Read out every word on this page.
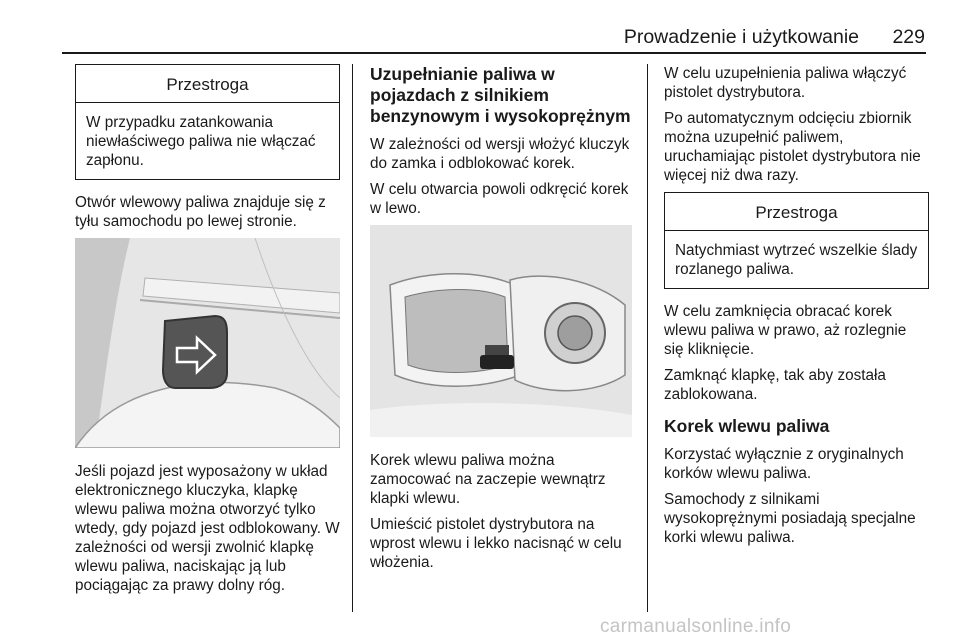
Prowadzenie i użytkowanie 229
Przestroga
W przypadku zatankowania niewłaściwego paliwa nie włączać zapłonu.

Otwór wlewowy paliwa znajduje się z tyłu samochodu po lewej stronie.

Jeśli pojazd jest wyposażony w układ elektronicznego kluczyka, klapkę wlewu paliwa można otworzyć tylko wtedy, gdy pojazd jest odblokowany. W zależności od wersji zwolnić klapkę wlewu paliwa, naciskając ją lub pociągając za prawy dolny róg.

Uzupełnianie paliwa w pojazdach z silnikiem benzynowym i wysokoprężnym

W zależności od wersji włożyć kluczyk do zamka i odblokować korek.

W celu otwarcia powoli odkręcić korek w lewo.

Korek wlewu paliwa można zamocować na zaczepie wewnątrz klapki wlewu.

Umieścić pistolet dystrybutora na wprost wlewu i lekko nacisnąć w celu włożenia.

W celu uzupełnienia paliwa włączyć pistolet dystrybutora.

Po automatycznym odcięciu zbiornik można uzupełnić paliwem, uruchamiając pistolet dystrybutora nie więcej niż dwa razy.

Przestroga
Natychmiast wytrzeć wszelkie ślady rozlanego paliwa.

W celu zamknięcia obracać korek wlewu paliwa w prawo, aż rozlegnie się kliknięcie.

Zamknąć klapkę, tak aby została zablokowana.

Korek wlewu paliwa

Korzystać wyłącznie z oryginalnych korków wlewu paliwa.

Samochody z silnikami wysokoprężnymi posiadają specjalne korki wlewu paliwa.

carmanualsonline.info
